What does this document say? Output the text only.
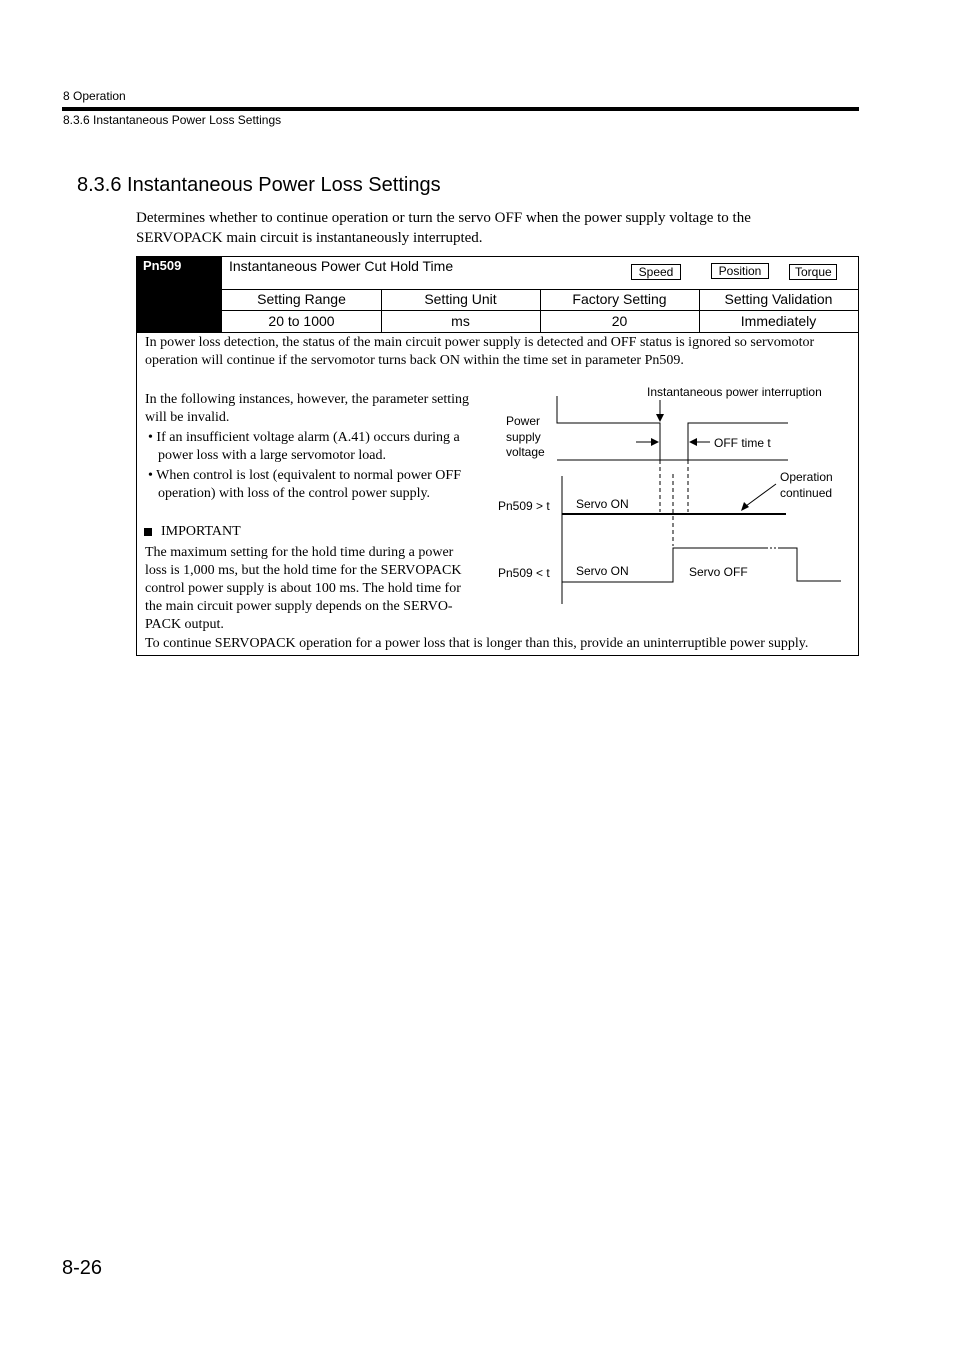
8 Operation
8.3.6 Instantaneous Power Loss Settings
8.3.6 Instantaneous Power Loss Settings
Determines whether to continue operation or turn the servo OFF when the power supply voltage to the SERVOPACK main circuit is instantaneously interrupted.
Pn509	Instantaneous Power Cut Hold Time	Speed	Position	Torque
Setting Range	Setting Unit	Factory Setting	Setting Validation
20 to 1000	ms	20	Immediately
In power loss detection, the status of the main circuit power supply is detected and OFF status is ignored so servomotor operation will continue if the servomotor turns back ON within the time set in parameter Pn509.
In the following instances, however, the parameter setting will be invalid.
• If an insufficient voltage alarm (A.41) occurs during a power loss with a large servomotor load.
• When control is lost (equivalent to normal power OFF operation) with loss of the control power supply.
IMPORTANT
The maximum setting for the hold time during a power loss is 1,000 ms, but the hold time for the SERVOPACK control power supply is about 100 ms. The hold time for the main circuit power supply depends on the SERVO-PACK output.
To continue SERVOPACK operation for a power loss that is longer than this, provide an uninterruptible power supply.
Instantaneous power interruption
Power
supply
voltage
OFF time t
Pn509 > t Servo ON
Operation
continued
Pn509 < t Servo ON	Servo OFF
8-26
